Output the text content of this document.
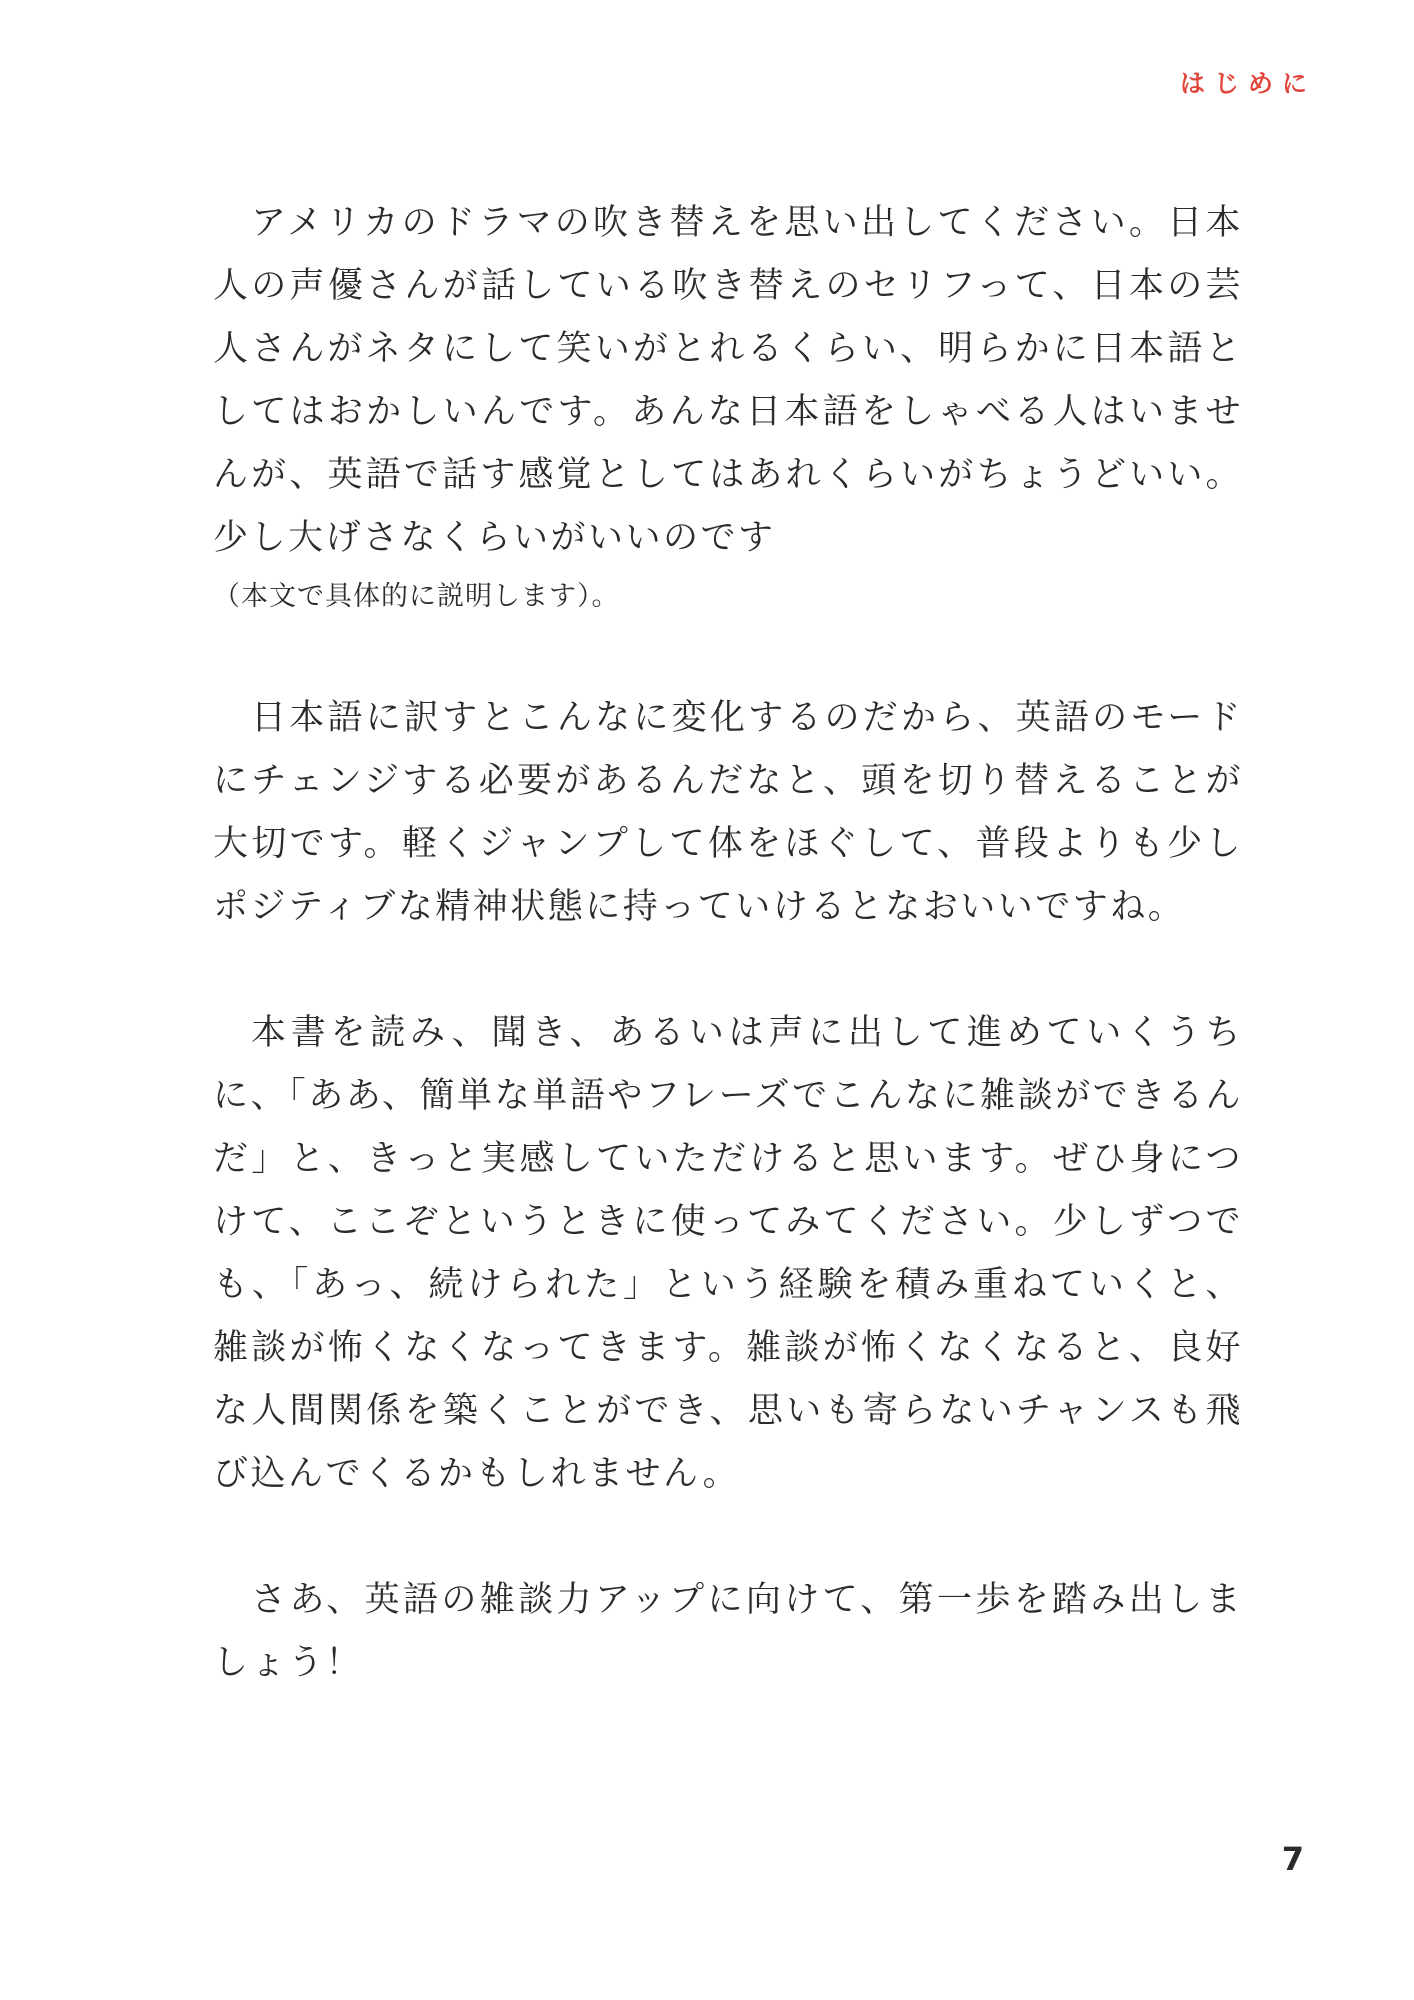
はじめに

アメリカのドラマの吹き替えを思い出してください。日本人の声優さんが話している吹き替えのセリフって、日本の芸人さんがネタにして笑いがとれるくらい、明らかに日本語としてはおかしいんです。あんな日本語をしゃべる人はいませんが、英語で話す感覚としてはあれくらいがちょうどいい。少し大げさなくらいがいいのです
（本文で具体的に説明します）。

日本語に訳すとこんなに変化するのだから、英語のモードにチェンジする必要があるんだなと、頭を切り替えることが大切です。軽くジャンプして体をほぐして、普段よりも少しポジティブな精神状態に持っていけるとなおいいですね。

本書を読み、聞き、あるいは声に出して進めていくうちに、「ああ、簡単な単語やフレーズでこんなに雑談ができるんだ」と、きっと実感していただけると思います。ぜひ身につけて、ここぞというときに使ってみてください。少しずつでも、「あっ、続けられた」という経験を積み重ねていくと、雑談が怖くなくなってきます。雑談が怖くなくなると、良好な人間関係を築くことができ、思いも寄らないチャンスも飛び込んでくるかもしれません。

さあ、英語の雑談力アップに向けて、第一歩を踏み出しましょう！

7
